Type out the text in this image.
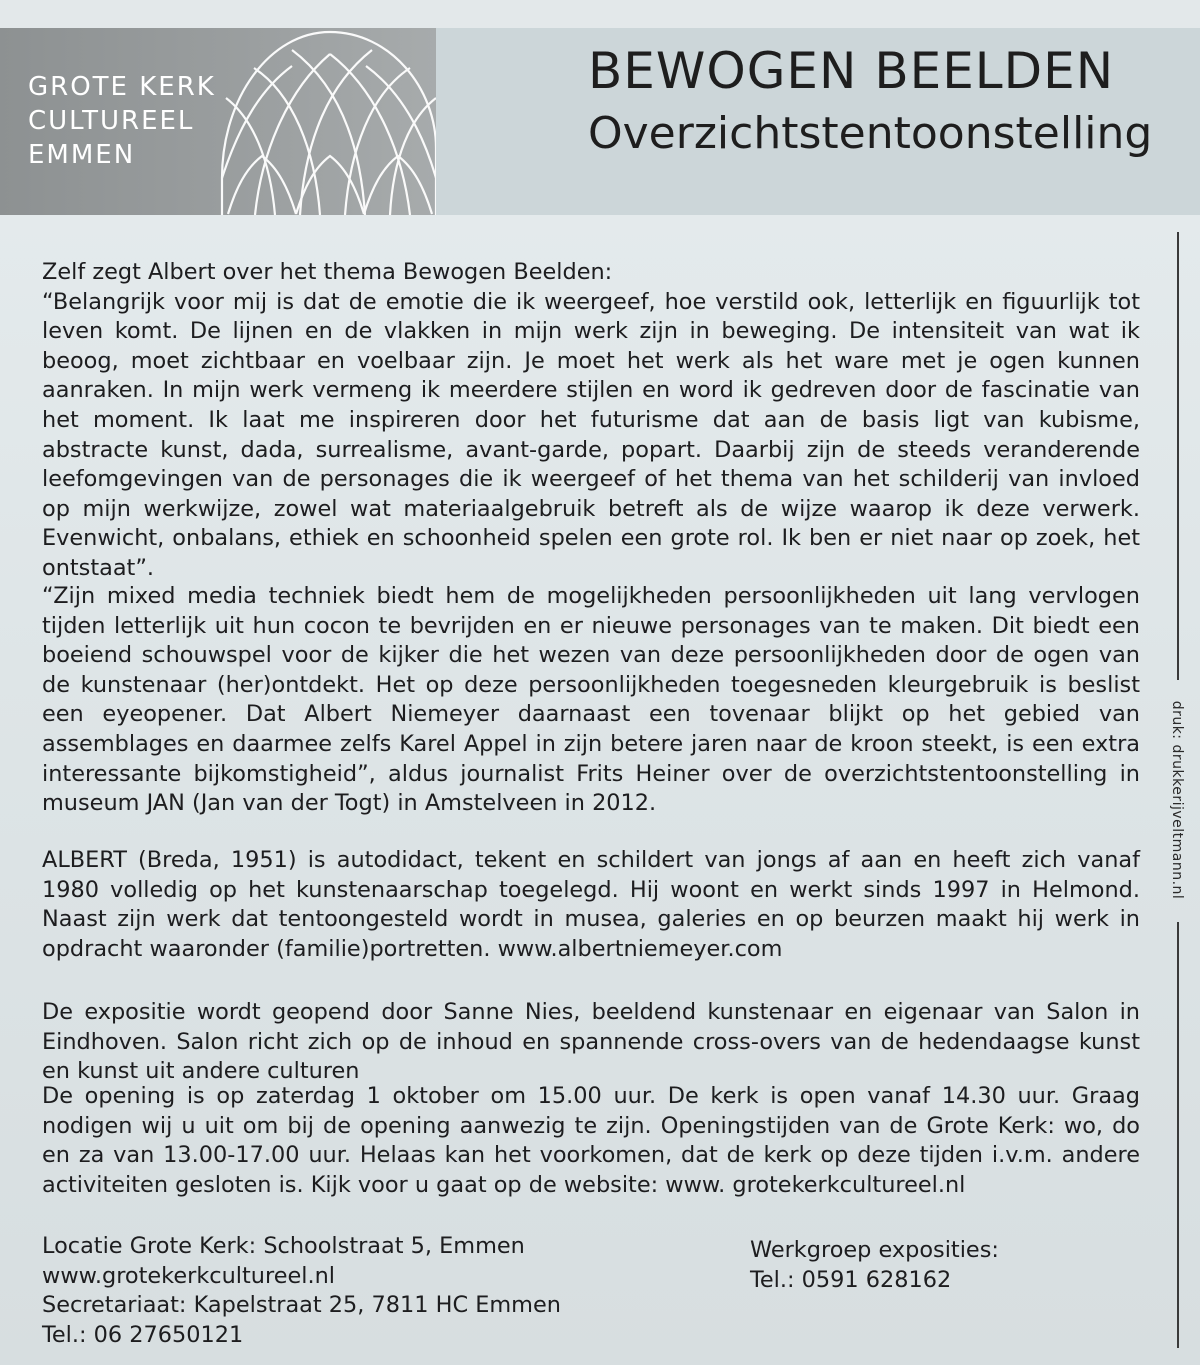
GROTE KERK
CULTUREEL
EMMEN
BEWOGEN BEELDEN
Overzichtstentoonstelling
Zelf zegt Albert over het thema Bewogen Beelden:
“Belangrijk voor mij is dat de emotie die ik weergeef, hoe verstild ook, letterlijk en figuurlijk tot leven komt. De lijnen en de vlakken in mijn werk zijn in beweging. De intensiteit van wat ik beoog, moet zichtbaar en voelbaar zijn. Je moet het werk als het ware met je ogen kunnen aanraken. In mijn werk vermeng ik meerdere stijlen en word ik gedreven door de fascinatie van het moment. Ik laat me inspireren door het futurisme dat aan de basis ligt van kubisme, abstracte kunst, dada, surrealisme, avant-garde, popart. Daarbij zijn de steeds veranderende leefomgevingen van de personages die ik weergeef of het thema van het schilderij van invloed op mijn werkwijze, zowel wat materiaalgebruik betreft als de wijze waarop ik deze verwerk. Evenwicht, onbalans, ethiek en schoonheid spelen een grote rol. Ik ben er niet naar op zoek, het ontstaat”.
“Zijn mixed media techniek biedt hem de mogelijkheden persoonlijkheden uit lang vervlogen tijden letterlijk uit hun cocon te bevrijden en er nieuwe personages van te maken. Dit biedt een boeiend schouwspel voor de kijker die het wezen van deze persoonlijkheden door de ogen van de kunstenaar (her)ontdekt. Het op deze persoonlijkheden toegesneden kleurgebruik is beslist een eyeopener. Dat Albert Niemeyer daarnaast een tovenaar blijkt op het gebied van assemblages en daarmee zelfs Karel Appel in zijn betere jaren naar de kroon steekt, is een extra interessante bijkomstigheid”, aldus journalist Frits Heiner over de overzichtstentoonstelling in museum JAN (Jan van der Togt) in Amstelveen in 2012.
ALBERT (Breda, 1951) is autodidact, tekent en schildert van jongs af aan en heeft zich vanaf 1980 volledig op het kunstenaarschap toegelegd. Hij woont en werkt sinds 1997 in Helmond. Naast zijn werk dat tentoongesteld wordt in musea, galeries en op beurzen maakt hij werk in opdracht waaronder (familie)portretten. www.albertniemeyer.com
De expositie wordt geopend door Sanne Nies, beeldend kunstenaar en eigenaar van Salon in Eindhoven. Salon richt zich op de inhoud en spannende cross-overs van de hedendaagse kunst en kunst uit andere culturen
De opening is op zaterdag 1 oktober om 15.00 uur. De kerk is open vanaf 14.30 uur. Graag nodigen wij u uit om bij de opening aanwezig te zijn. Openingstijden van de Grote Kerk: wo, do en za van 13.00-17.00 uur. Helaas kan het voorkomen, dat de kerk op deze tijden i.v.m. andere activiteiten gesloten is. Kijk voor u gaat op de website: www. grotekerkcultureel.nl
Locatie Grote Kerk: Schoolstraat 5, Emmen
www.grotekerkcultureel.nl
Secretariaat: Kapelstraat 25, 7811 HC Emmen
Tel.: 06 27650121
Werkgroep exposities:
Tel.: 0591 628162
druk: drukkerijveltmann.nl
